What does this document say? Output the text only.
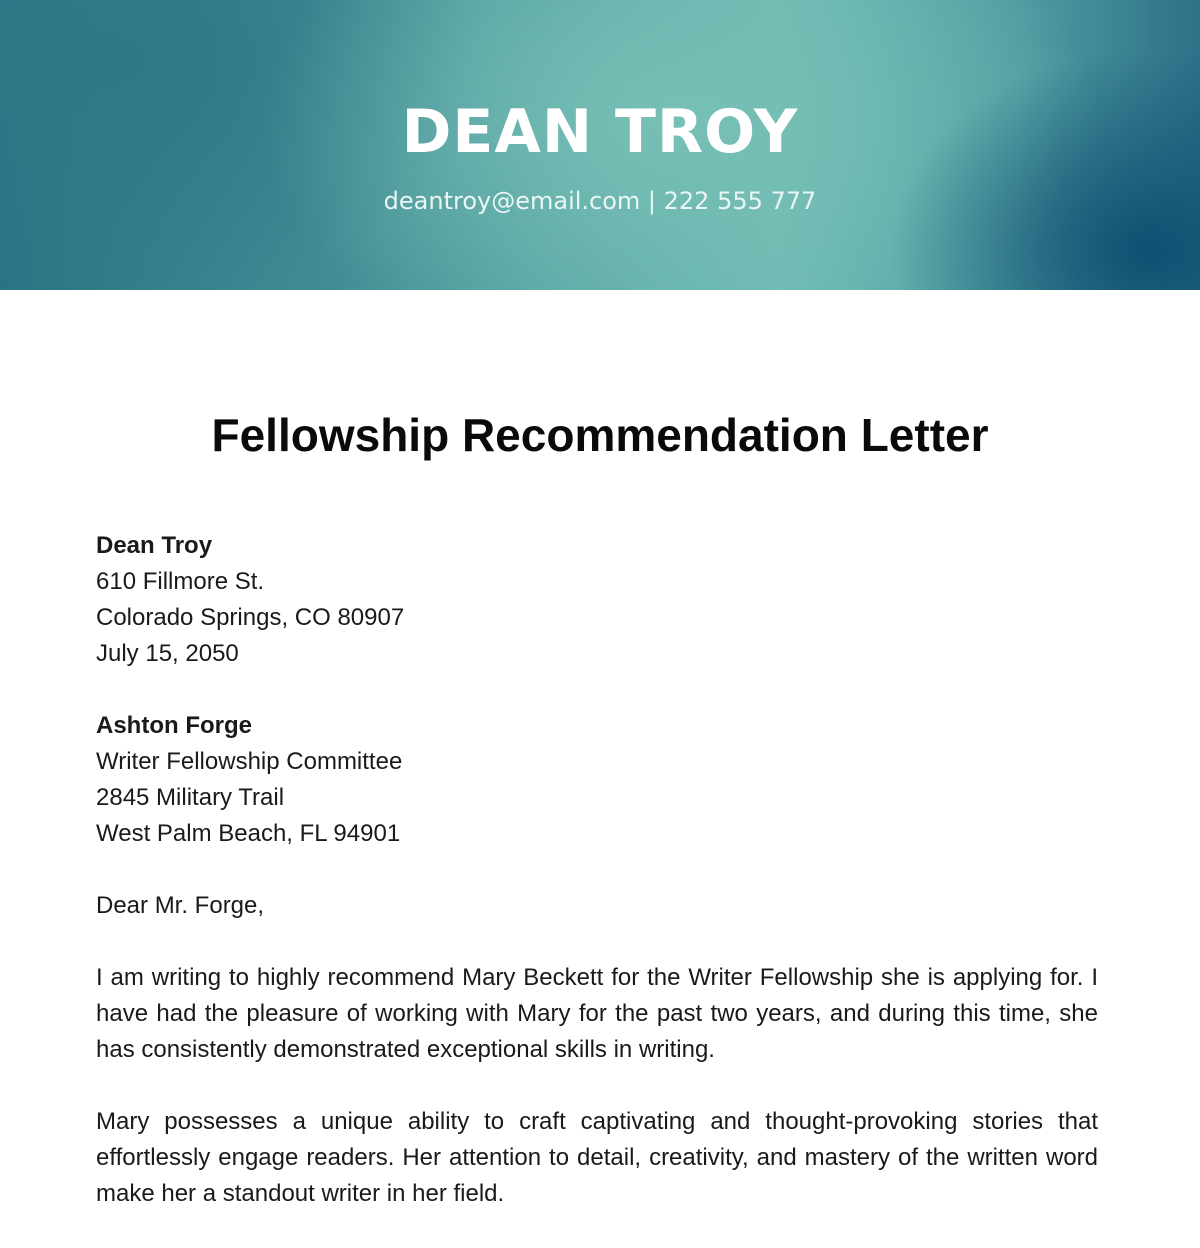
DEAN TROY
deantroy@email.com | 222 555 777
Fellowship Recommendation Letter
Dean Troy
610 Fillmore St.
Colorado Springs, CO 80907
July 15, 2050
Ashton Forge
Writer Fellowship Committee
2845 Military Trail
West Palm Beach, FL 94901
Dear Mr. Forge,

I am writing to highly recommend Mary Beckett for the Writer Fellowship she is applying for. I have had the pleasure of working with Mary for the past two years, and during this time, she has consistently demonstrated exceptional skills in writing.

Mary possesses a unique ability to craft captivating and thought-provoking stories that effortlessly engage readers. Her attention to detail, creativity, and mastery of the written word make her a standout writer in her field.
